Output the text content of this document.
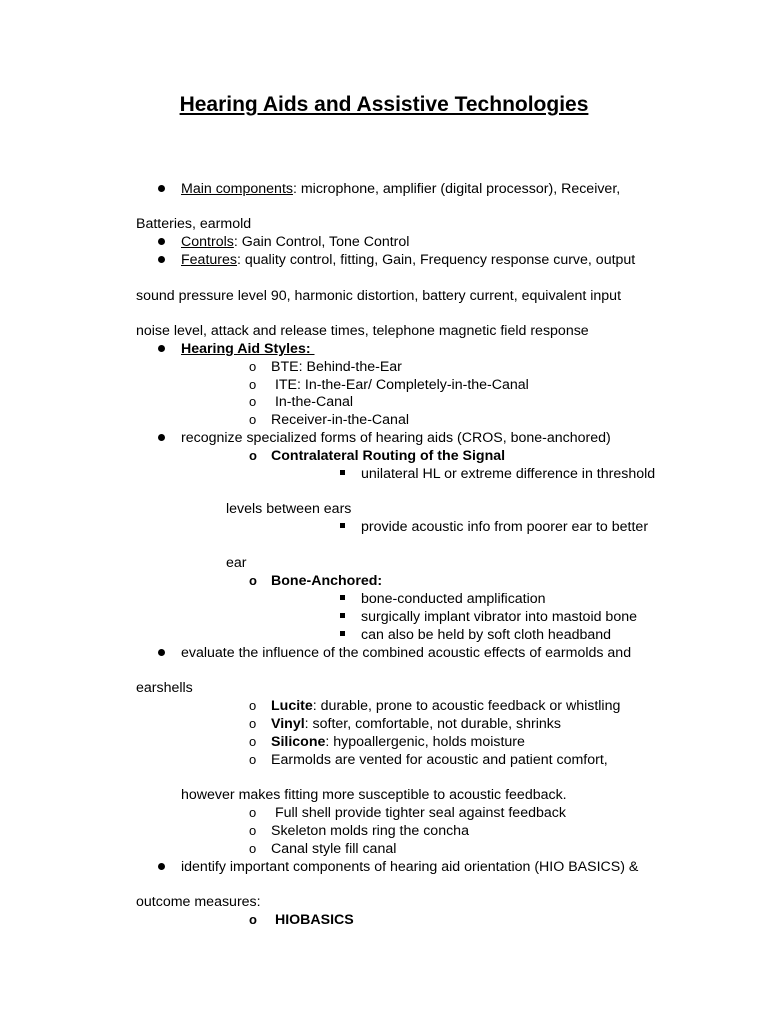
Hearing Aids and Assistive Technologies
Main components: microphone, amplifier (digital processor), Receiver,
Batteries, earmold
Controls: Gain Control, Tone Control
Features: quality control, fitting, Gain, Frequency response curve, output
sound pressure level 90, harmonic distortion, battery current, equivalent input
noise level, attack and release times, telephone magnetic field response
Hearing Aid Styles:
o BTE: Behind-the-Ear
o ITE: In-the-Ear/ Completely-in-the-Canal
o In-the-Canal
o Receiver-in-the-Canal
recognize specialized forms of hearing aids (CROS, bone-anchored)
o Contralateral Routing of the Signal
unilateral HL or extreme difference in threshold
levels between ears
provide acoustic info from poorer ear to better
ear
o Bone-Anchored:
bone-conducted amplification
surgically implant vibrator into mastoid bone
can also be held by soft cloth headband
evaluate the influence of the combined acoustic effects of earmolds and
earshells
o Lucite: durable, prone to acoustic feedback or whistling
o Vinyl: softer, comfortable, not durable, shrinks
o Silicone: hypoallergenic, holds moisture
o Earmolds are vented for acoustic and patient comfort,
however makes fitting more susceptible to acoustic feedback.
o Full shell provide tighter seal against feedback
o Skeleton molds ring the concha
o Canal style fill canal
identify important components of hearing aid orientation (HIO BASICS) &
outcome measures:
o HIOBASICS
